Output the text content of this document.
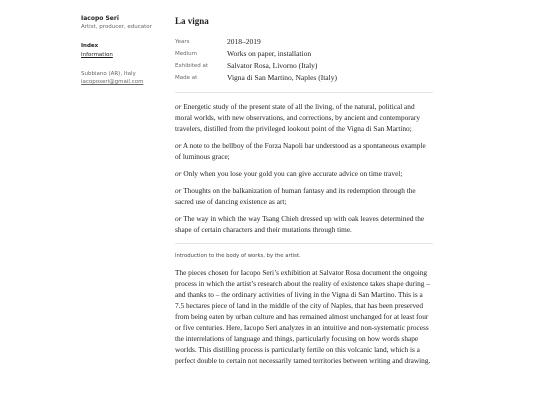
Iacopo Seri
Artist, producer, educator
Index
Information
Subbiano (AR), Italy
iacoposeri@gmail.com
La vigna
Years	2018–2019
Medium	Works on paper, installation
Exhibited at	Salvator Rosa, Livorno (Italy)
Made at	Vigna di San Martino, Naples (Italy)

or Energetic study of the present state of all the living, of the natural, political and moral worlds, with new observations, and corrections, by ancient and contemporary travelers, distilled from the privileged lookout point of the Vigna di San Martino;

or A note to the bellboy of the Forza Napoli bar understood as a spontaneous example of luminous grace;

or Only when you lose your gold you can give accurate advice on time travel;

or Thoughts on the balkanization of human fantasy and its redemption through the sacred use of dancing existence as art;

or The way in which the way Tsang Chieh dressed up with oak leaves determined the shape of certain characters and their mutations through time.

Introduction to the body of works, by the artist.

The pieces chosen for Iacopo Seri’s exhibition at Salvator Rosa document the ongoing process in which the artist’s research about the reality of existence takes shape during – and thanks to – the ordinary activities of living in the Vigna di San Martino. This is a 7.5 hectares piece of land in the middle of the city of Naples, that has been preserved from being eaten by urban culture and has remained almost unchanged for at least four or five centuries. Here, Iacopo Seri analyzes in an intuitive and non-systematic process the interrelations of language and things, particularly focusing on how words shape worlds. This distilling process is particularly fertile on this volcanic land, which is a perfect double to certain not necessarily tamed territories between writing and drawing.
